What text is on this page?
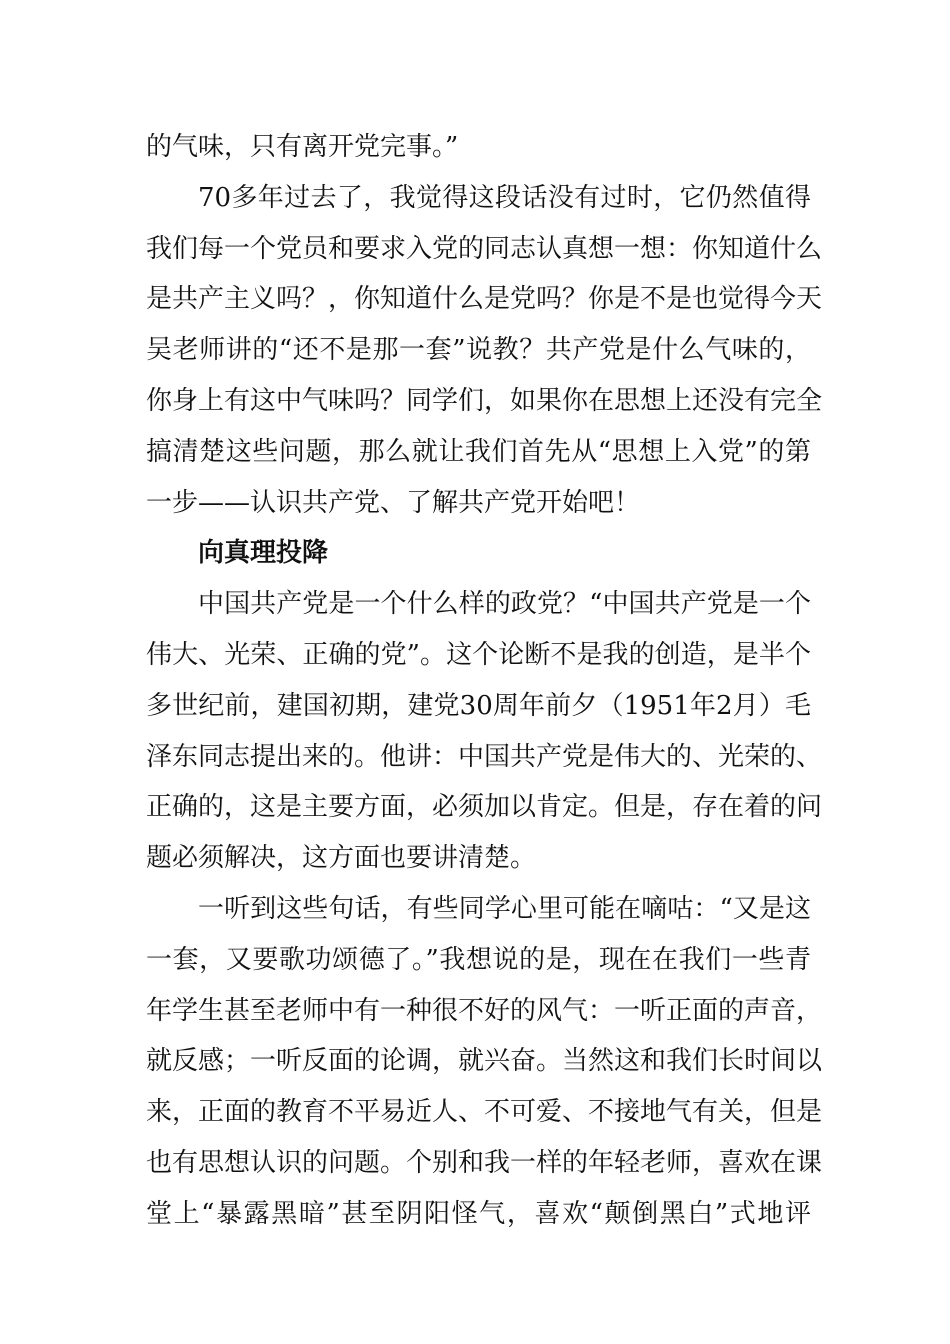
的气味，只有离开党完事。”
70多年过去了，我觉得这段话没有过时，它仍然值得
我们每一个党员和要求入党的同志认真想一想：你知道什么
是共产主义吗？，你知道什么是党吗？你是不是也觉得今天
吴老师讲的“还不是那一套”说教？共产党是什么气味的，
你身上有这中气味吗？同学们，如果你在思想上还没有完全
搞清楚这些问题，那么就让我们首先从“思想上入党”的第
一步——认识共产党、了解共产党开始吧！
向真理投降
中国共产党是一个什么样的政党？“中国共产党是一个
伟大、光荣、正确的党”。这个论断不是我的创造，是半个
多世纪前，建国初期，建党30周年前夕（1951年2月）毛
泽东同志提出来的。他讲：中国共产党是伟大的、光荣的、
正确的，这是主要方面，必须加以肯定。但是，存在着的问
题必须解决，这方面也要讲清楚。
一听到这些句话，有些同学心里可能在嘀咕：“又是这
一套，又要歌功颂德了。”我想说的是，现在在我们一些青
年学生甚至老师中有一种很不好的风气：一听正面的声音，
就反感；一听反面的论调，就兴奋。当然这和我们长时间以
来，正面的教育不平易近人、不可爱、不接地气有关，但是
也有思想认识的问题。个别和我一样的年轻老师，喜欢在课
堂上“暴露黑暗”甚至阴阳怪气，喜欢“颠倒黑白”式地评
